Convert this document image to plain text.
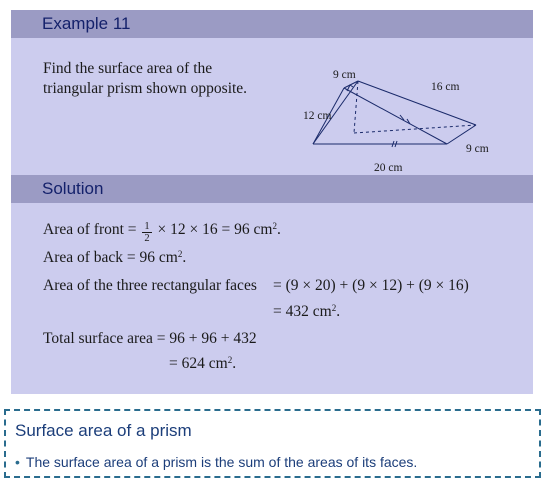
Example 11
Find the surface area of the
triangular prism shown opposite.
9 cm
16 cm
12 cm
9 cm
20 cm
Solution
Area of front = $\frac{1}{2} \times 12 \times 16 = 96$ $cm^2$.
Area of back = 96 $cm^2$.
Area of the three rectangular faces = (9 × 20) + (9 × 12) + (9 × 16)
= 432 $cm^2$.
Total surface area = 96 + 96 + 432
= 624 $cm^2$.
Surface area of a prism
• The surface area of a prism is the sum of the areas of its faces.
